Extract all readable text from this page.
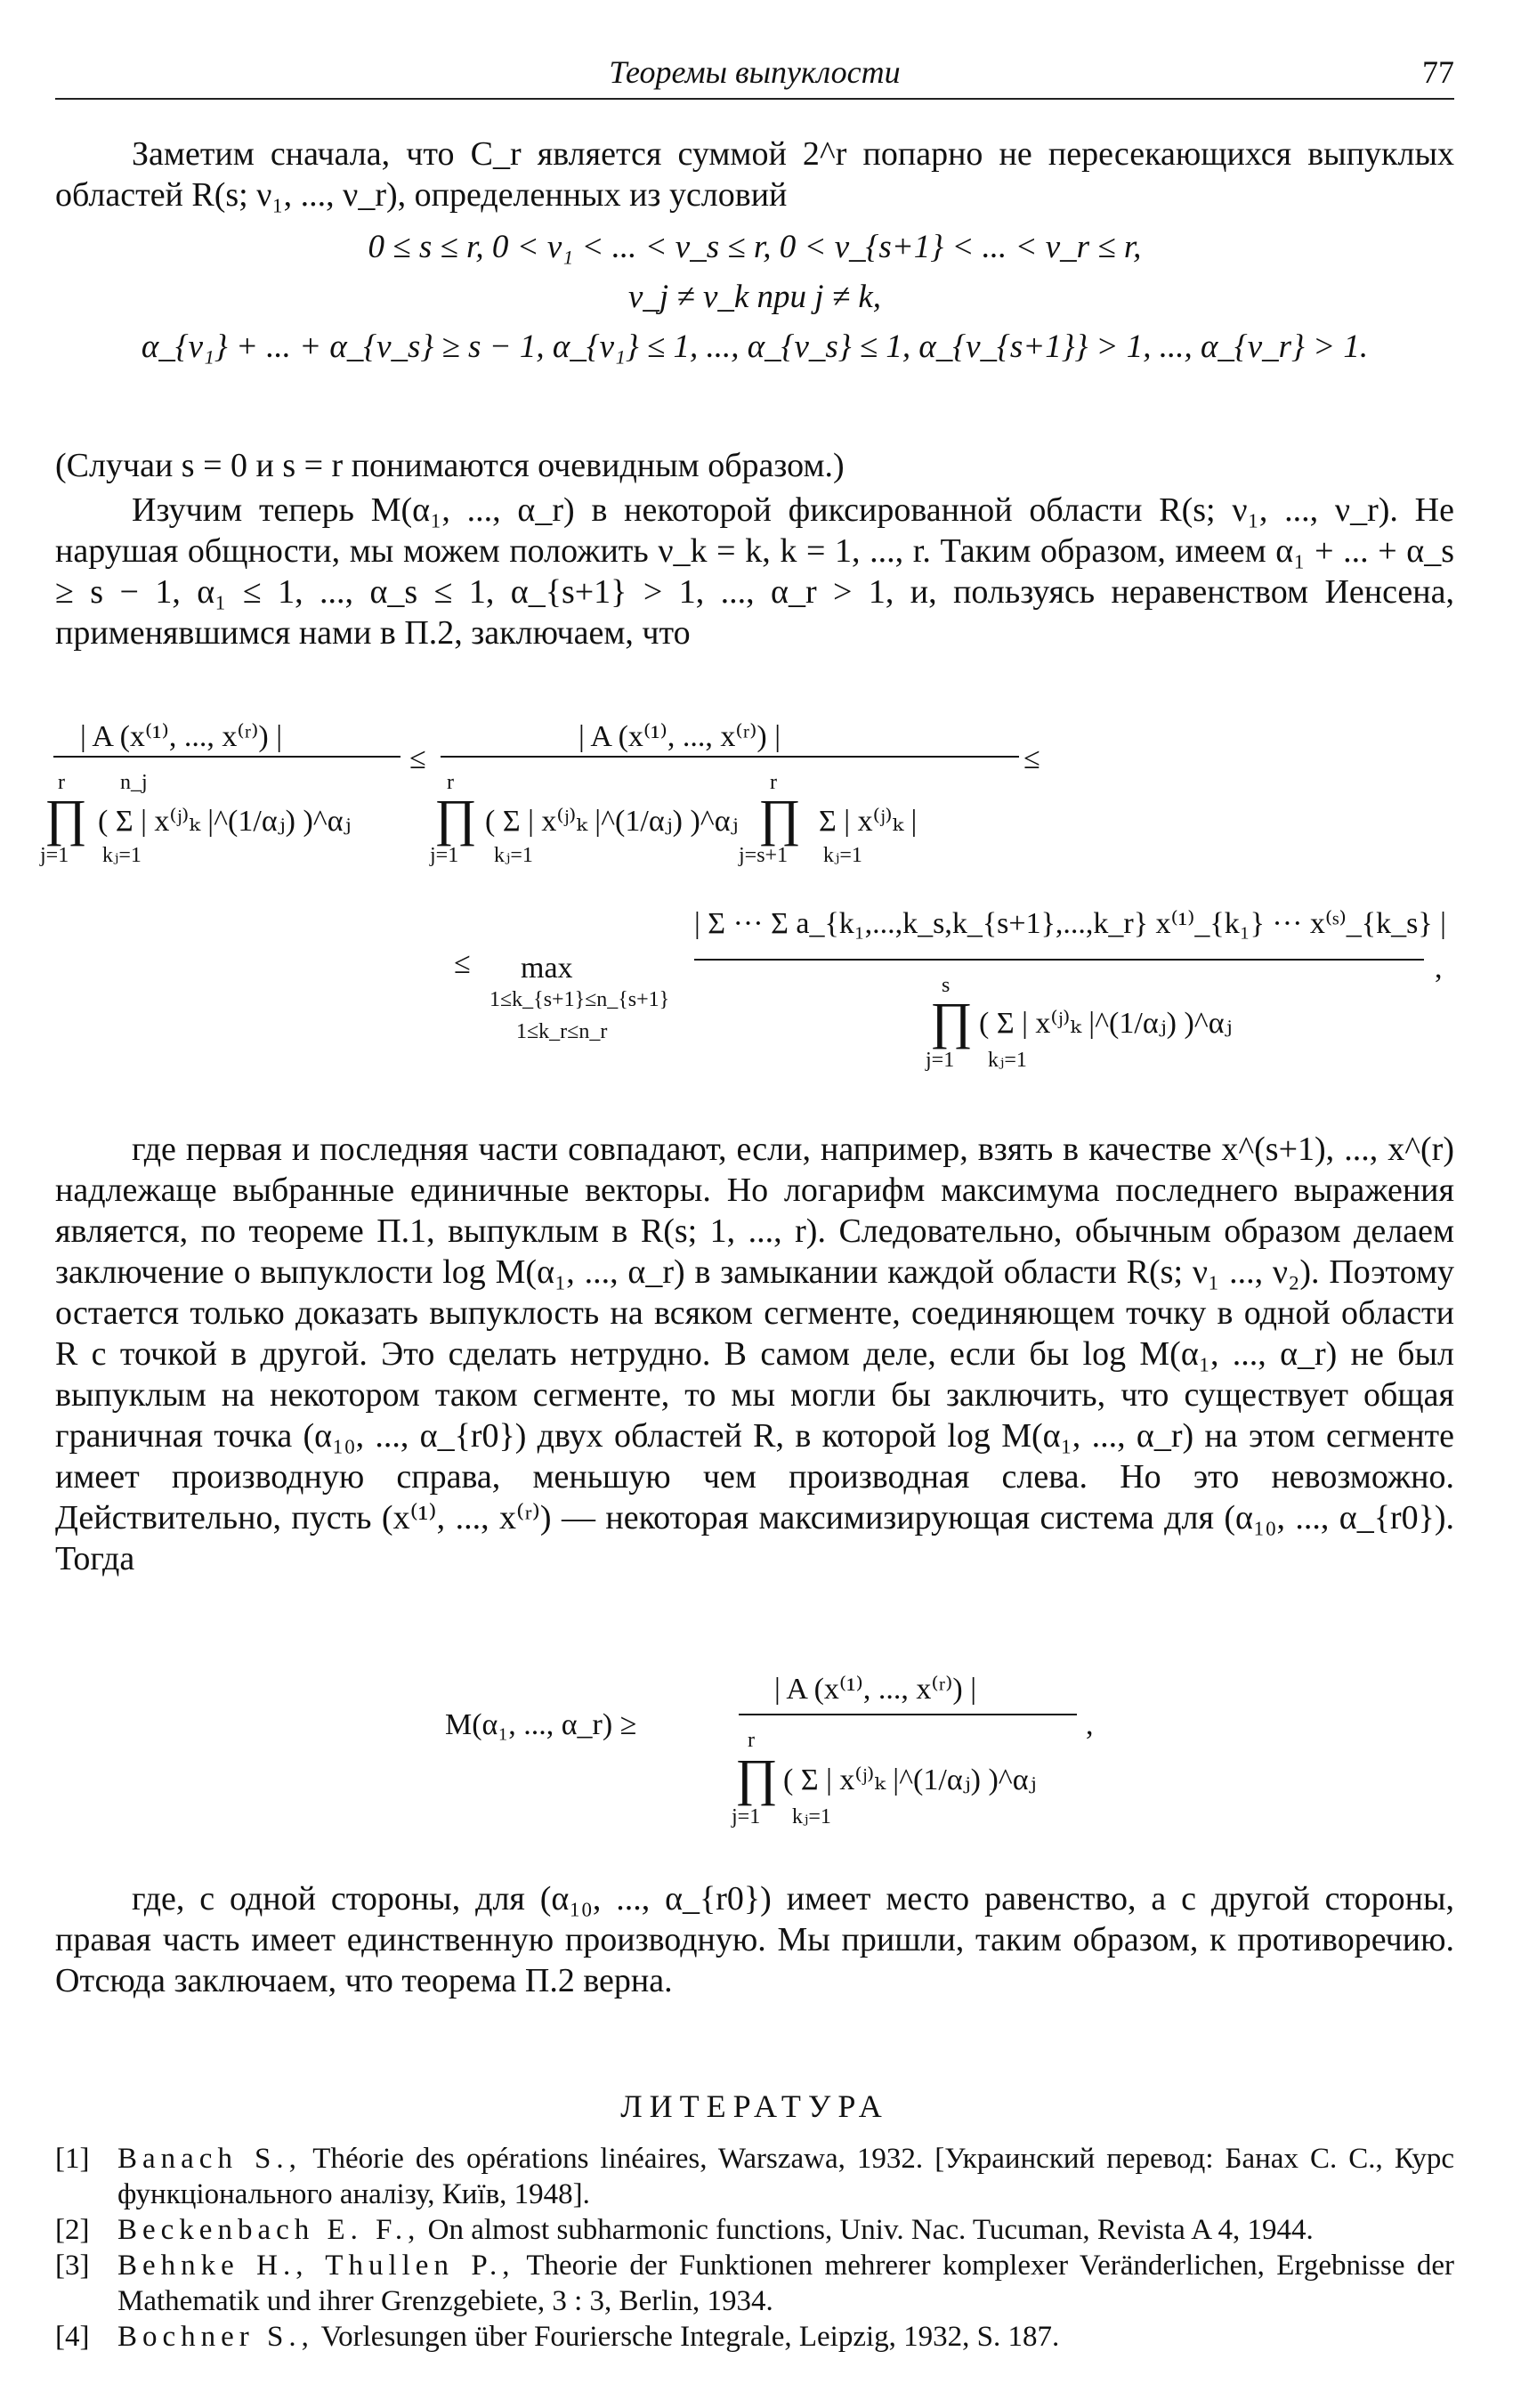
Теоремы выпуклости	77
Заметим сначала, что C_r является суммой 2^r попарно не пересекающихся выпуклых областей R(s; ν₁, ..., ν_r), определенных из условий
0 ≤ s ≤ r, 0 < ν₁ < ... < ν_s ≤ r, 0 < ν_{s+1} < ... < ν_r ≤ r,
ν_j ≠ ν_k при j ≠ k,
α_{ν₁} + ... + α_{ν_s} ≥ s − 1, α_{ν₁} ≤ 1, ..., α_{ν_s} ≤ 1, α_{ν_{s+1}} > 1, ..., α_{ν_r} > 1.
(Случаи s = 0 и s = r понимаются очевидным образом.)
Изучим теперь M(α₁, ..., α_r) в некоторой фиксированной области R(s; ν₁, ..., ν_r). Не нарушая общности, мы можем положить ν_k = k, k = 1, ..., r. Таким образом, имеем α₁ + ... + α_s ≥ s − 1, α₁ ≤ 1, ..., α_s ≤ 1, α_{s+1} > 1, ..., α_r > 1, и, пользуясь неравенством Иенсена, применявшимся нами в П.2, заключаем, что
| A (x⁽¹⁾, ..., x⁽ʳ⁾) |
r
∏
j=1
n_j
( Σ | x⁽ʲ⁾ₖ |^(1/αⱼ) )^αⱼ
kⱼ=1
≤
| A (x⁽¹⁾, ..., x⁽ʳ⁾) |
r
∏
j=1
( Σ | x⁽ʲ⁾ₖ |^(1/αⱼ) )^αⱼ
kⱼ=1
r
∏
j=s+1
Σ | x⁽ʲ⁾ₖ |
kⱼ=1
≤
≤ max
1≤k_{s+1}≤n_{s+1}
1≤k_r≤n_r
| Σ ··· Σ a_{k₁,...,k_s,k_{s+1},...,k_r} x⁽¹⁾_{k₁} ··· x⁽ˢ⁾_{k_s} |
,
s
∏
j=1
( Σ | x⁽ʲ⁾ₖ |^(1/αⱼ) )^αⱼ
kⱼ=1
где первая и последняя части совпадают, если, например, взять в качестве x^(s+1), ..., x^(r) надлежаще выбранные единичные векторы. Но логарифм максимума последнего выражения является, по теореме П.1, выпуклым в R(s; 1, ..., r). Следовательно, обычным образом делаем заключение о выпуклости log M(α₁, ..., α_r) в замыкании каждой области R(s; ν₁ ..., ν₂). Поэтому остается только доказать выпуклость на всяком сегменте, соединяющем точку в одной области R с точкой в другой. Это сделать нетрудно. В самом деле, если бы log M(α₁, ..., α_r) не был выпуклым на некотором таком сегменте, то мы могли бы заключить, что существует общая граничная точка (α₁₀, ..., α_{r0}) двух областей R, в которой log M(α₁, ..., α_r) на этом сегменте имеет производную справа, меньшую чем производная слева. Но это невозможно. Действительно, пусть (x⁽¹⁾, ..., x⁽ʳ⁾) — некоторая максимизирующая система для (α₁₀, ..., α_{r0}). Тогда
M(α₁, ..., α_r) ≥
| A (x⁽¹⁾, ..., x⁽ʳ⁾) |
,
r
∏
j=1
( Σ | x⁽ʲ⁾ₖ |^(1/αⱼ) )^αⱼ
kⱼ=1
где, с одной стороны, для (α₁₀, ..., α_{r0}) имеет место равенство, а с другой стороны, правая часть имеет единственную производную. Мы пришли, таким образом, к противоречию. Отсюда заключаем, что теорема П.2 верна.
ЛИТЕРАТУРА
[1] Banach S., Théorie des opérations linéaires, Warszawa, 1932. [Украинский перевод: Банах С. С., Курс функціонального аналізу, Київ, 1948].
[2] Beckenbach E. F., On almost subharmonic functions, Univ. Nac. Tucuman, Revista A 4, 1944.
[3] Behnke H., Thullen P., Theorie der Funktionen mehrerer komplexer Veränderlichen, Ergebnisse der Mathematik und ihrer Grenzgebiete, 3 : 3, Berlin, 1934.
[4] Bochner S., Vorlesungen über Fouriersche Integrale, Leipzig, 1932, S. 187.
